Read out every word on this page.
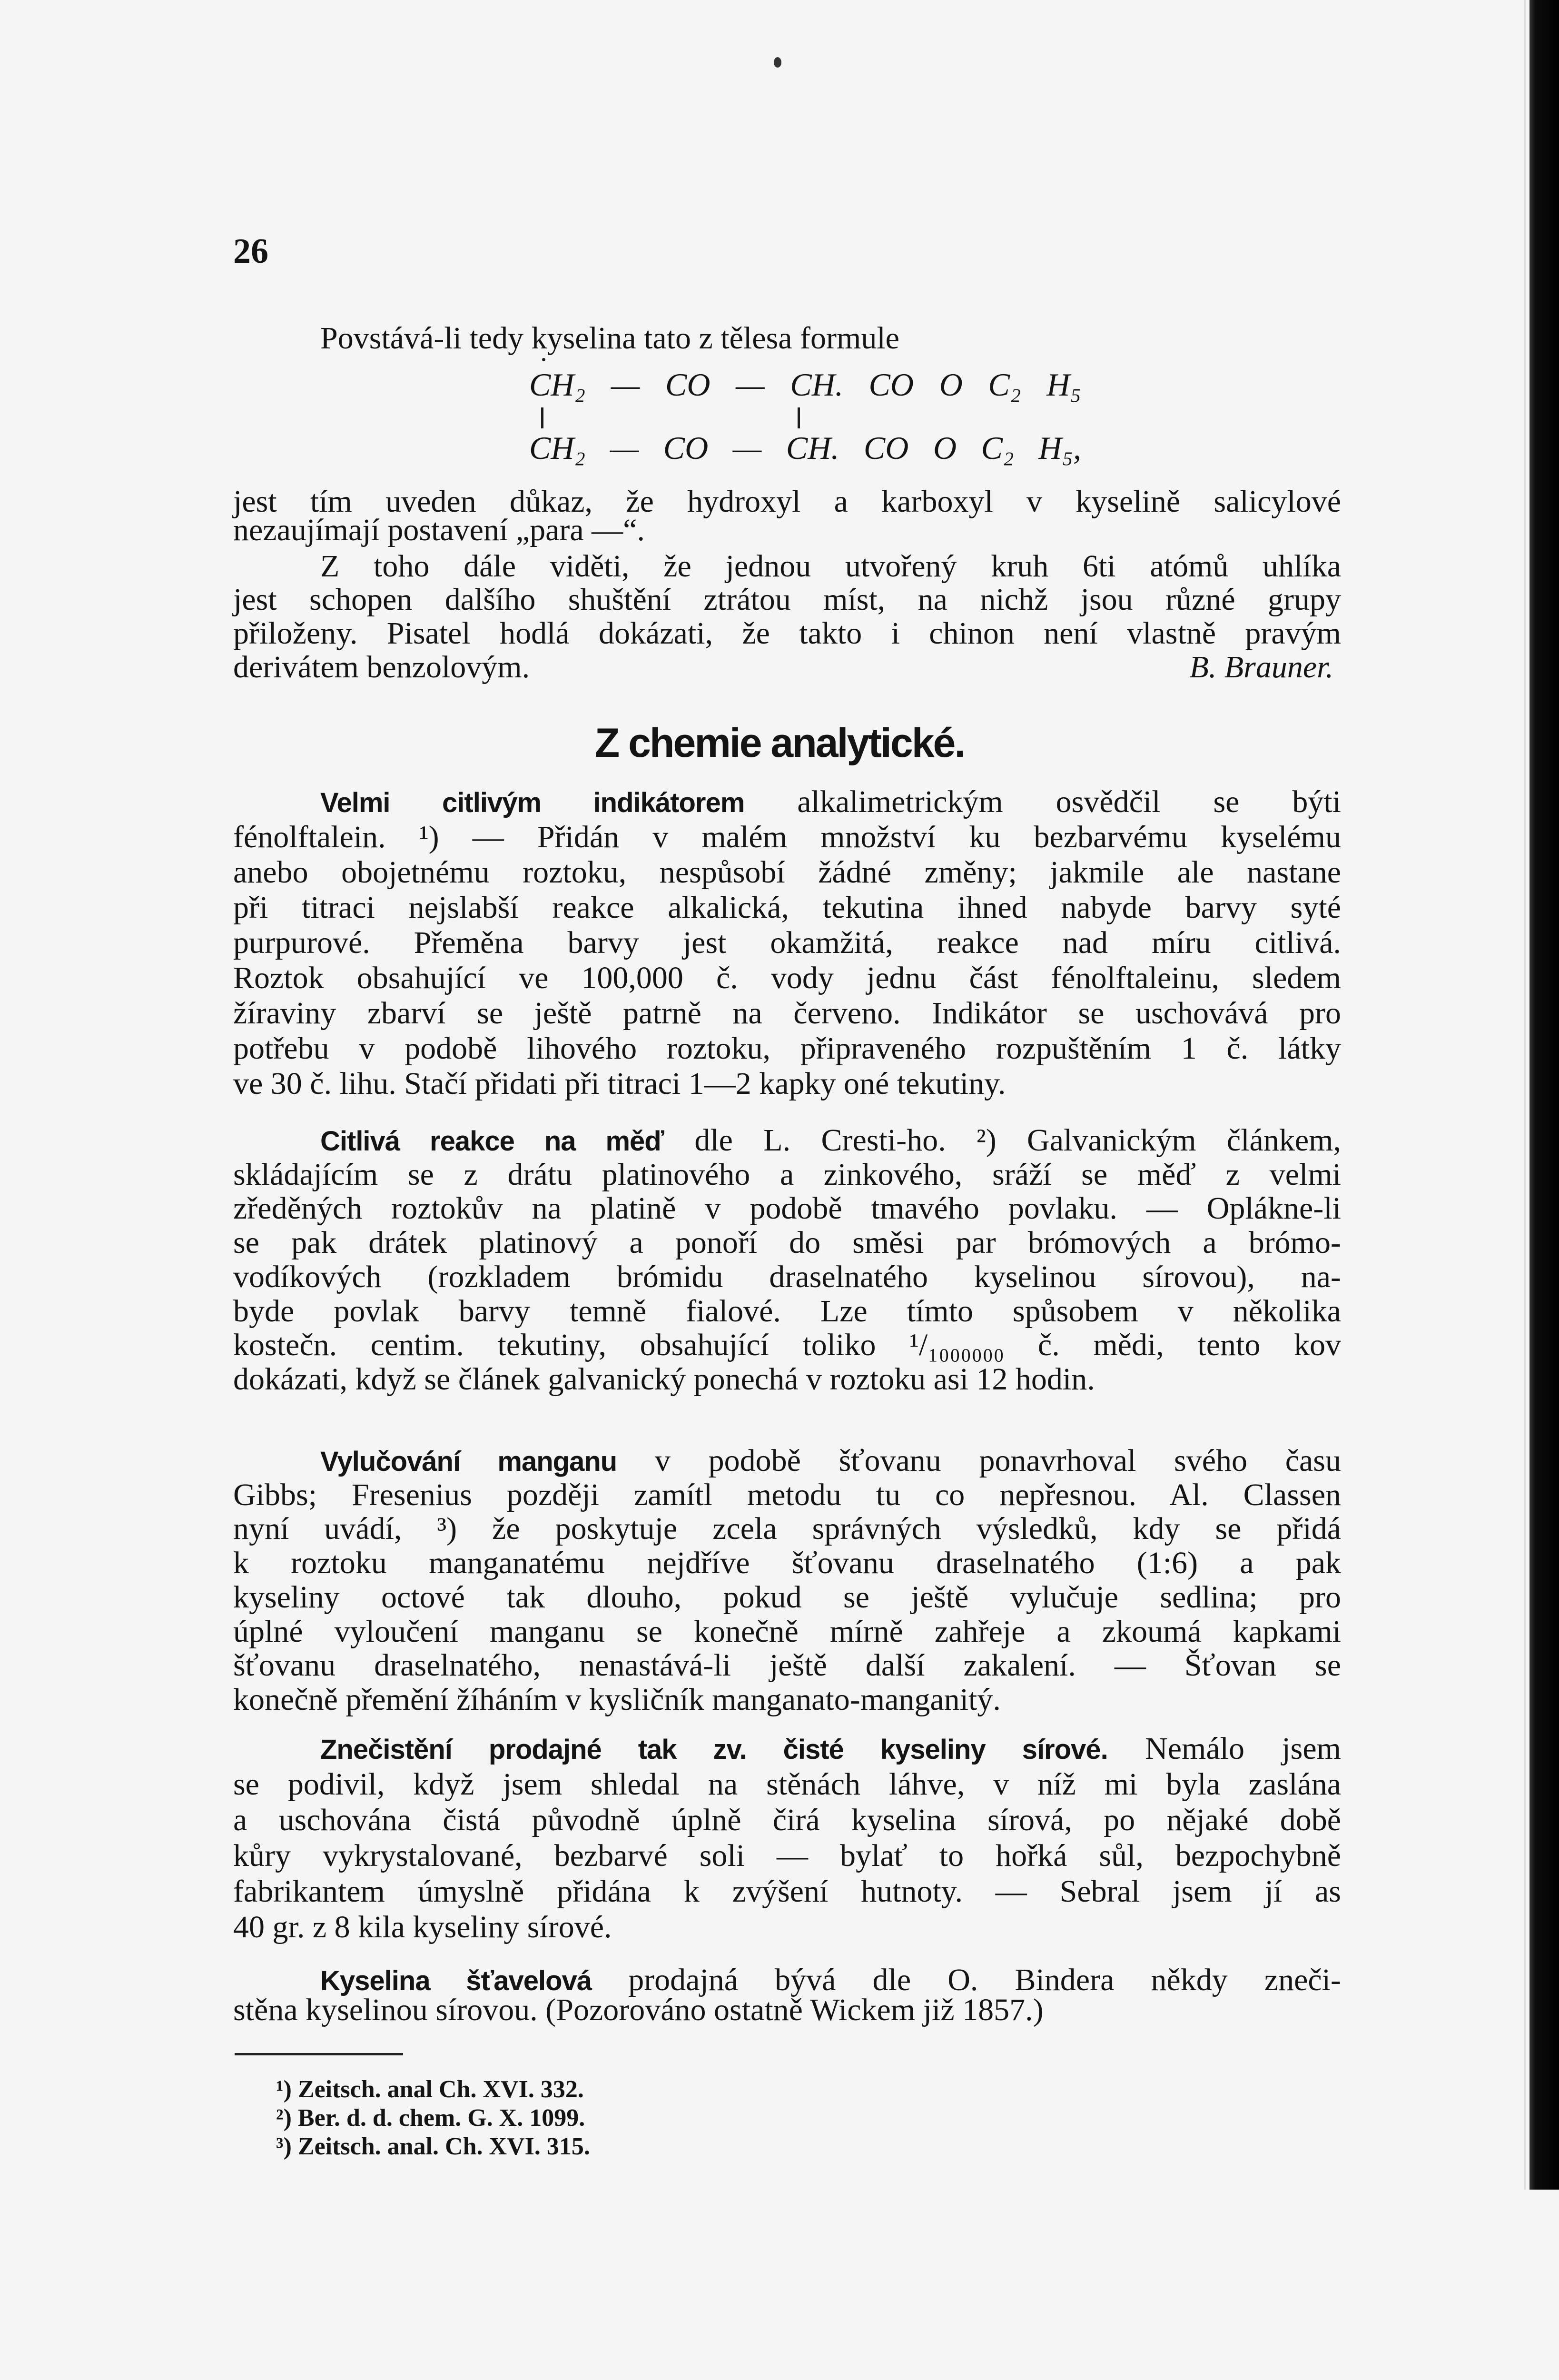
26
Povstává-li tedy kyselina tato z tělesa formule
CH₂ — CO — CH. CO O C₂ H₅
CH₂ — CO — CH. CO O C₂ H₅,
jest tím uveden důkaz, že hydroxyl a karboxyl v kyselině salicylové
nezaujímají postavení „para —“.
Z toho dále viděti, že jednou utvořený kruh 6ti atómů uhlíka
jest schopen dalšího shuštění ztrátou míst, na nichž jsou různé grupy
přiloženy. Pisatel hodlá dokázati, že takto i chinon není vlastně pravým
derivátem benzolovým.	B. Brauner.
Z chemie analytické.
Velmi citlivým indikátorem alkalimetrickým osvědčil se býti
fénolftalein. ¹) — Přidán v malém množství ku bezbarvému kyselému
anebo obojetnému roztoku, nespůsobí žádné změny; jakmile ale nastane
při titraci nejslabší reakce alkalická, tekutina ihned nabyde barvy syté
purpurové. Přeměna barvy jest okamžitá, reakce nad míru citlivá.
Roztok obsahující ve 100,000 č. vody jednu část fénolftaleinu, sledem
žíraviny zbarví se ještě patrně na červeno. Indikátor se uschovává pro
potřebu v podobě lihového roztoku, připraveného rozpuštěním 1 č. látky
ve 30 č. lihu. Stačí přidati při titraci 1—2 kapky oné tekutiny.
Citlivá reakce na měď dle L. Cresti-ho. ²) Galvanickým článkem,
skládajícím se z drátu platinového a zinkového, sráží se měď z velmi
zředěných roztokův na platině v podobě tmavého povlaku. — Oplákne-li
se pak drátek platinový a ponoří do směsi par brómových a brómo-
vodíkových (rozkladem brómidu draselnatého kyselinou sírovou), na-
byde povlak barvy temně fialové. Lze tímto spůsobem v několika
kostečn. centim. tekutiny, obsahující toliko ¹/₁₀₀₀₀₀₀ č. mědi, tento kov
dokázati, když se článek galvanický ponechá v roztoku asi 12 hodin.
Vylučování manganu v podobě šťovanu ponavrhoval svého času
Gibbs; Fresenius později zamítl metodu tu co nepřesnou. Al. Classen
nyní uvádí, ³) že poskytuje zcela správných výsledků, kdy se přidá
k roztoku manganatému nejdříve šťovanu draselnatého (1:6) a pak
kyseliny octové tak dlouho, pokud se ještě vylučuje sedlina; pro
úplné vyloučení manganu se konečně mírně zahřeje a zkoumá kapkami
šťovanu draselnatého, nenastává-li ještě další zakalení. — Šťovan se
konečně přemění žíháním v kysličník manganato-manganitý.
Znečistění prodajné tak zv. čisté kyseliny sírové. Nemálo jsem
se podivil, když jsem shledal na stěnách láhve, v níž mi byla zaslána
a uschována čistá původně úplně čirá kyselina sírová, po nějaké době
kůry vykrystalované, bezbarvé soli — bylať to hořká sůl, bezpochybně
fabrikantem úmyslně přidána k zvýšení hutnoty. — Sebral jsem jí as
40 gr. z 8 kila kyseliny sírové.
Kyselina šťavelová prodajná bývá dle O. Bindera někdy zneči-
stěna kyselinou sírovou. (Pozorováno ostatně Wickem již 1857.)
¹) Zeitsch. anal Ch. XVI. 332.
²) Ber. d. d. chem. G. X. 1099.
³) Zeitsch. anal. Ch. XVI. 315.
